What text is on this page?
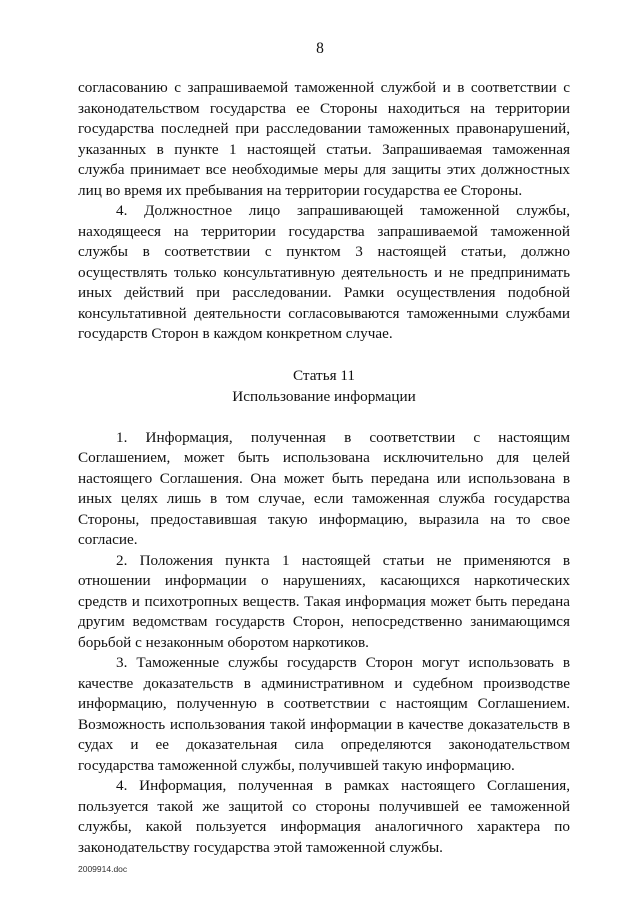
8

согласованию с запрашиваемой таможенной службой и в соответствии с законодательством государства ее Стороны находиться на территории государства последней при расследовании таможенных правонарушений, указанных в пункте 1 настоящей статьи. Запрашиваемая таможенная служба принимает все необходимые меры для защиты этих должностных лиц во время их пребывания на территории государства ее Стороны.

4. Должностное лицо запрашивающей таможенной службы, находящееся на территории государства запрашиваемой таможенной службы в соответствии с пунктом 3 настоящей статьи, должно осуществлять только консультативную деятельность и не предпринимать иных действий при расследовании. Рамки осуществления подобной консультативной деятельности согласовываются таможенными службами государств Сторон в каждом конкретном случае.

Статья 11

Использование информации

1. Информация, полученная в соответствии с настоящим Соглашением, может быть использована исключительно для целей настоящего Соглашения. Она может быть передана или использована в иных целях лишь в том случае, если таможенная служба государства Стороны, предоставившая такую информацию, выразила на то свое согласие.

2. Положения пункта 1 настоящей статьи не применяются в отношении информации о нарушениях, касающихся наркотических средств и психотропных веществ. Такая информация может быть передана другим ведомствам государств Сторон, непосредственно занимающимся борьбой с незаконным оборотом наркотиков.

3. Таможенные службы государств Сторон могут использовать в качестве доказательств в административном и судебном производстве информацию, полученную в соответствии с настоящим Соглашением. Возможность использования такой информации в качестве доказательств в судах и ее доказательная сила определяются законодательством государства таможенной службы, получившей такую информацию.

4. Информация, полученная в рамках настоящего Соглашения, пользуется такой же защитой со стороны получившей ее таможенной службы, какой пользуется информация аналогичного характера по законодательству государства этой таможенной службы.

2009914.doc
